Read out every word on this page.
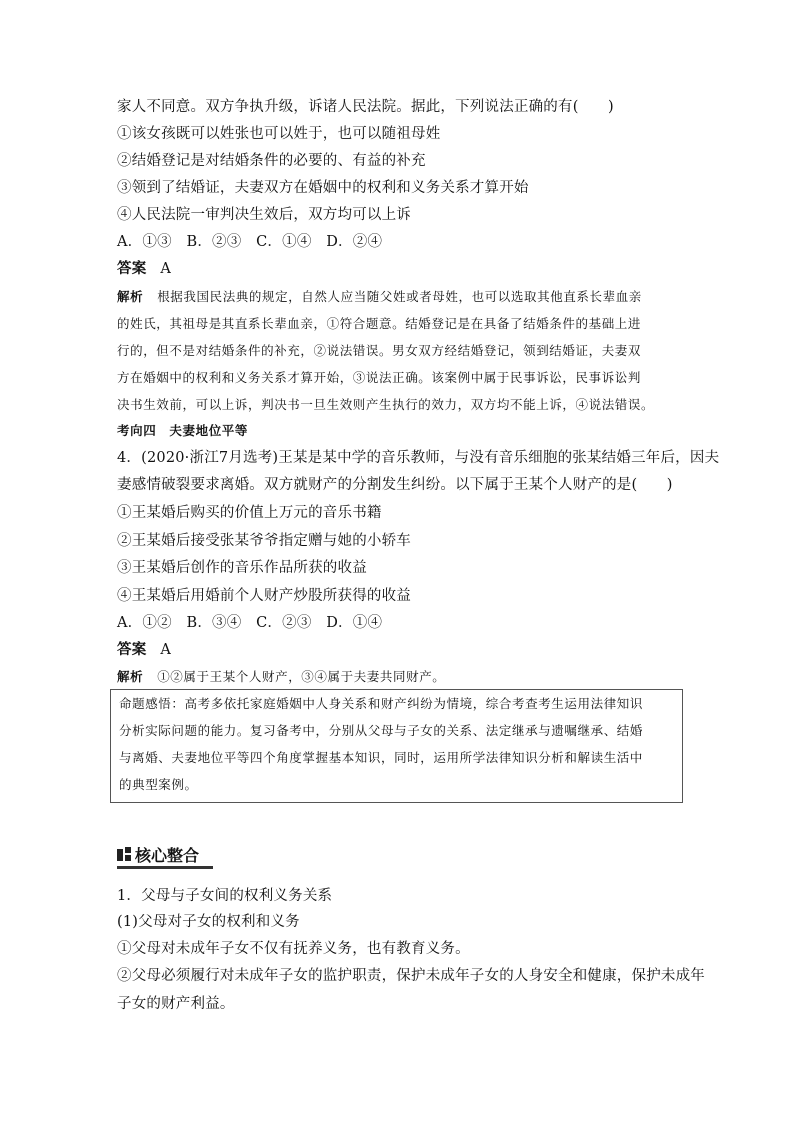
家人不同意。双方争执升级，诉诸人民法院。据此，下列说法正确的有(　　)
①该女孩既可以姓张也可以姓于，也可以随祖母姓
②结婚登记是对结婚条件的必要的、有益的补充
③领到了结婚证，夫妻双方在婚姻中的权利和义务关系才算开始
④人民法院一审判决生效后，双方均可以上诉
A．①③　B．②③　C．①④　D．②④
答案 A
解析 根据我国民法典的规定，自然人应当随父姓或者母姓，也可以选取其他直系长辈血亲
的姓氏，其祖母是其直系长辈血亲，①符合题意。结婚登记是在具备了结婚条件的基础上进
行的，但不是对结婚条件的补充，②说法错误。男女双方经结婚登记，领到结婚证，夫妻双
方在婚姻中的权利和义务关系才算开始，③说法正确。该案例中属于民事诉讼，民事诉讼判
决书生效前，可以上诉，判决书一旦生效则产生执行的效力，双方均不能上诉，④说法错误。
考向四　夫妻地位平等
4．(2020·浙江7月选考)王某是某中学的音乐教师，与没有音乐细胞的张某结婚三年后，因夫
妻感情破裂要求离婚。双方就财产的分割发生纠纷。以下属于王某个人财产的是(　　)
①王某婚后购买的价值上万元的音乐书籍
②王某婚后接受张某爷爷指定赠与她的小轿车
③王某婚后创作的音乐作品所获的收益
④王某婚后用婚前个人财产炒股所获得的收益
A．①②　B．③④　C．②③　D．①④
答案 A
解析 ①②属于王某个人财产，③④属于夫妻共同财产。
命题感悟：高考多依托家庭婚姻中人身关系和财产纠纷为情境，综合考查考生运用法律知识
分析实际问题的能力。复习备考中，分别从父母与子女的关系、法定继承与遗嘱继承、结婚
与离婚、夫妻地位平等四个角度掌握基本知识，同时，运用所学法律知识分析和解读生活中
的典型案例。
核心整合
1．父母与子女间的权利义务关系
(1)父母对子女的权利和义务
①父母对未成年子女不仅有抚养义务，也有教育义务。
②父母必须履行对未成年子女的监护职责，保护未成年子女的人身安全和健康，保护未成年
子女的财产利益。
